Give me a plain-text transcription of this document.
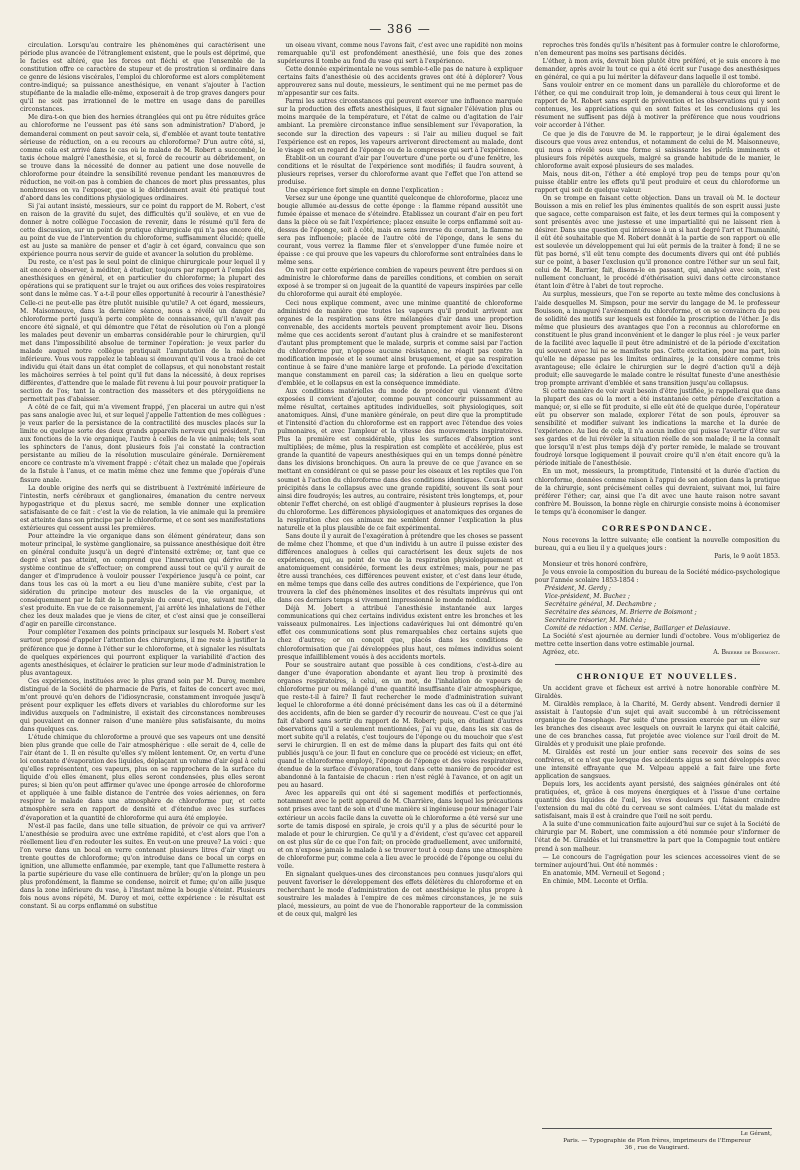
— 386 —

circulation. Lorsqu'au contraire les phénomènes qui caractérisent une période plus avancée de l'étranglement existent, que le pouls est déprimé, que le facies est altéré, que les forces ont fléchi et que l'ensemble de la constitution offre ce caractère de stupeur et de prostration si ordinaire dans ce genre de lésions viscérales, l'emploi du chloroforme est alors complétement contre-indiqué; sa puissance anesthésique, en venant s'ajouter à l'action stupéfiante de la maladie elle-même, exposerait à de trop graves dangers pour qu'il ne soit pas irrationnel de le mettre en usage dans de pareilles circonstances.

Me dira-t-on que bien des hernies étranglées qui ont pu être réduites grâce au chloroforme ne l'eussent pas été sans son administration? D'abord, je demanderai comment on peut savoir cela, si, d'emblée et avant toute tentative sérieuse de réduction, on a eu recours au chloroforme? D'un autre côté, si, comme cela est arrivé dans le cas où le malade de M. Robert a succombé, le taxis échoue malgré l'anesthésie, et si, forcé de recourir au débridement, on se trouve dans la nécessité de donner au patient une dose nouvelle de chloroforme pour éteindre la sensibilité revenue pendant les manœuvres de réduction, ne voit-on pas à combien de chances de mort plus pressantes, plus nombreuses on va l'exposer, que si le débridement avait été pratiqué tout d'abord dans les conditions physiologiques ordinaires.

Si j'ai autant insisté, messieurs, sur ce point du rapport de M. Robert, c'est en raison de la gravité du sujet, des difficultés qu'il soulève, et en vue de donner à notre collègue l'occasion de revenir, dans le résumé qu'il fera de cette discussion, sur un point de pratique chirurgicale qui n'a pas encore été, au point de vue de l'intervention du chloroforme, suffisamment élucidé; quelle est au juste sa manière de penser et d'agir à cet égard, convaincu que son expérience pourra nous servir de guide et avancer la solution du problème.

Du reste, ce n'est pas le seul point de clinique chirurgicale pour lequel il y ait encore à observer, à méditer, à étudier, toujours par rapport à l'emploi des anesthésiques en général, et en particulier du chloroforme; la plupart des opérations qui se pratiquent sur le trajet ou aux orifices des voies respiratoires sont dans le même cas. Y a-t-il pour elles opportunité à recourir à l'anesthésie? Celle-ci ne peut-elle pas être plutôt nuisible qu'utile? A cet égard, messieurs, M. Maisonneuve, dans la dernière séance, nous a révélé un danger du chloroforme porté jusqu'à perte complète de connaissance, qu'il n'avait pas encore été signalé, et qui démontre que l'état de résolution où l'on a plongé les malades peut devenir un embarras considérable pour le chirurgien, qu'il met dans l'impossibilité absolue de terminer l'opération: je veux parler du malade auquel notre collègue pratiquait l'amputation de la mâchoire inférieure. Vous vous rappelez le tableau si émouvant qu'il vous a tracé de cet individu qui était dans un état complet de collapsus, et qui nonobstant restait les mâchoires serrées à tel point qu'il fut dans la nécessité, à deux reprises différentes, d'attendre que le malade fût revenu à lui pour pouvoir pratiquer la section de l'os; tant la contraction des masséters et des ptérygoïdiens ne permettait pas d'abaisser.

A côté de ce fait, qui m'a vivement frappé, j'en placerai un autre qui n'est pas sans analogie avec lui, et sur lequel j'appelle l'attention de mes collègues : je veux parler de la persistance de la contractilité des muscles placés sur la limite ou quelque sorte des deux grands appareils nerveux qui président, l'un aux fonctions de la vie organique, l'autre à celles de la vie animale; tels sont les sphincters de l'anus, dont plusieurs fois j'ai constaté la contraction persistante au milieu de la résolution musculaire générale. Dernièrement encore ce contraste m'a vivement frappé : c'était chez un malade que j'opérais de la fistule à l'anus, et ce matin même chez une femme que j'opérais d'une fissure anale.

La double origine des nerfs qui se distribuent à l'extrémité inférieure de l'intestin, nerfs cérébraux et ganglionaires, émanation du centre nerveux hypogastrique et du plexus sacré, me semble donner une explication satisfaisante de ce fait : c'est la vie de relation, la vie animale qui la première est atteinte dans son principe par le chloroforme, et ce sont ses manifestations extérieures qui cessent aussi les premières.

Pour atteindre la vie organique dans son élément générateur, dans son moteur principal, le système ganglionaire, sa puissance anesthésique doit être en général conduite jusqu'à un degré d'intensité extrême; or, tant que ce degré n'est pas atteint, on comprend que l'innervation qui dérive de ce système continue de s'effectuer; on comprend aussi tout ce qu'il y aurait de danger et d'imprudence à vouloir pousser l'expérience jusqu'à ce point, car dans tous les cas où la mort a eu lieu d'une manière subite, c'est par la sidération du principe moteur des muscles de la vie organique, et conséquemment par le fait de la paralysie du cœur-ci, que, suivant moi, elle s'est produite. En vue de ce raisonnement, j'ai arrêté les inhalations de l'éther chez les deux malades que je viens de citer, et c'est ainsi que je conseillerai d'agir en pareille circonstance.

Pour compléter l'examen des points principaux sur lesquels M. Robert s'est surtout proposé d'appeler l'attention des chirurgiens, il me reste à justifier la préférence que je donne à l'éther sur le chloroforme, et à signaler les résultats de quelques expériences qui pourront expliquer la variabilité d'action des agents anesthésiques, et éclairer le praticien sur leur mode d'administration le plus avantageux.

Ces expériences, instituées avec le plus grand soin par M. Duroy, membre distingué de la Société de pharmacie de Paris, et faites de concert avec moi, m'ont prouvé qu'en dehors de l'idiosyncrasie, constamment invoquée jusqu'à présent pour expliquer les effets divers et variables du chloroforme sur les individus auxquels on l'administre, il existait des circonstances nombreuses qui pouvaient en donner raison d'une manière plus satisfaisante, du moins dans quelques cas.

L'étude chimique du chloroforme a prouvé que ses vapeurs ont une densité bien plus grande que celle de l'air atmosphérique : elle serait de 4, celle de l'air étant de 1. Il en résulte qu'elles s'y mêlent lentement. Or, en vertu d'une loi constante d'évaporation des liquides, déplaçant un volume d'air égal à celui qu'elles représentent, ces vapeurs, plus on se rapprochera de la surface du liquide d'où elles émanent, plus elles seront condensées, plus elles seront pures; si bien qu'on peut affirmer qu'avec une éponge arrosée de chloroforme et appliquée à une faible distance de l'entrée des voies aériennes, on fera respirer le malade dans une atmosphère de chloroforme pur, et cette atmosphère sera en rapport de densité et d'étendue avec les surfaces d'évaporation et la quantité de chloroforme qui aura été employée.

N'est-il pas facile, dans une telle situation, de prévoir ce qui va arriver? L'anesthésie se produira avec une extrême rapidité, et c'est alors que l'on a réellement lieu d'en redouter les suites. En veut-on une preuve? La voici : que l'on verse dans un bocal en verre contenant plusieurs litres d'air vingt ou trente gouttes de chloroforme; qu'on introduise dans ce bocal un corps en ignition, une allumette enflammée, par exemple, tant que l'allumette restera à la partie supérieure du vase elle continuera de brûler; qu'on la plonge un peu plus profondément, la flamme se condense, noircit et fume; qu'on aille jusque dans la zone inférieure du vase, à l'instant même la bougie s'éteint. Plusieurs fois nous avons répété, M. Duroy et moi, cette expérience : le résultat est constant. Si au corps enflammé on substitue

un oiseau vivant, comme nous l'avons fait, c'est avec une rapidité non moins remarquable qu'il est profondément anesthésié, une fois que des zones supérieures il tombe au fond du vase qui sert à l'expérience.

Cette donnée expérimentale ne vous semble-t-elle pas de nature à expliquer certains faits d'anesthésie où des accidents graves ont été à déplorer? Vous approuverez sans nul doute, messieurs, le sentiment qui ne me permet pas de m'appesantir sur ces faits.

Parmi les autres circonstances qui peuvent exercer une influence marquée sur la production des effets anesthésiques, il faut signaler l'élévation plus ou moins marquée de la température, et l'état de calme ou d'agitation de l'air ambiant. La première circonstance influe sensiblement sur l'évaporation, la seconde sur la direction des vapeurs : si l'air au milieu duquel se fait l'expérience est en repos, les vapeurs arriveront directement au malade, dont le visage est en regard de l'éponge ou de la compresse qui sert à l'expérience.

Établit-on un courant d'air par l'ouverture d'une porte ou d'une fenêtre, les conditions et le résultat de l'expérience sont modifiés; il faudra souvent, à plusieurs reprises, verser du chloroforme avant que l'effet que l'on attend se produise.

Une expérience fort simple en donne l'explication :

Versez sur une éponge une quantité quelconque de chloroforme, placez une bougie allumée au-dessus de cette éponge : la flamme répand aussitôt une fumée épaisse et menace de s'éteindre. Établissez un courant d'air en peu fort dans la pièce où se fait l'expérience; placez ensuite le corps enflammé soit au-dessus de l'éponge, soit à côté, mais en sens inverse du courant, la flamme ne sera pas influencée; placée de l'autre côté de l'éponge, dans le sens du courant, vous verrez la flamme filer et s'envelopper d'une fumée noire et épaisse : ce qui prouve que les vapeurs du chloroforme sont entraînées dans le même sens.

On voit par cette expérience combien de vapeurs peuvent être perdues si on administre le chloroforme dans de pareilles conditions, et combien on serait exposé à se tromper si on jugeait de la quantité de vapeurs inspirées par celle du chloroforme qui aurait été employée.

Ceci nous explique comment, avec une minime quantité de chloroforme administré de manière que toutes les vapeurs qu'il produit arrivent aux organes de la respiration sans être mélangées d'air dans une proportion convenable, des accidents mortels peuvent promptement avoir lieu. Disons même que ces accidents seront d'autant plus à craindre et se manifesteront d'autant plus promptement que le malade, surpris et comme saisi par l'action du chloroforme pur, n'oppose aucune résistance, ne réagit pas contre la modification imposée et le soumet ainsi brusquement, et que sa respiration continue à se faire d'une manière large et profonde. La période d'excitation manque constamment en pareil cas; la sidération a lieu en quelque sorte d'emblée, et le collapsus en est la conséquence immédiate.

Aux conditions matérielles du mode de procéder qui viennent d'être exposées il convient d'ajouter, comme pouvant concourir puissamment au même résultat, certaines aptitudes individuelles, soit physiologiques, soit anatomiques. Ainsi, d'une manière générale, on peut dire que la promptitude et l'intensité d'action du chloroforme est en rapport avec l'étendue des voies pulmonaires, et avec l'ampleur et la vitesse des mouvements inspiratoires. Plus la première est considérable, plus les surfaces d'absorption sont multipliées; de même, plus la respiration est complète et accélérée, plus est grande la quantité de vapeurs anesthésiques qui en un temps donné pénètre dans les divisions bronchiques. On aura la preuve de ce que j'avance en se mettant en considérant ce qui se passe pour les oiseaux et les reptiles que l'on soumet à l'action du chloroforme dans des conditions identiques. Ceux-là sont précipités dans le collapsus avec une grande rapidité, souvent ils sont pour ainsi dire foudroyés; les autres, au contraire, résistent très longtemps, et, pour obtenir l'effet cherché, on est obligé d'augmenter à plusieurs reprises la dose du chloroforme. Les différences physiologiques et anatomiques des organes de la respiration chez ces animaux me semblent donner l'explication la plus naturelle et la plus plausible de ce fait expérimental.

Sans doute il y aurait de l'exagération à prétendre que les choses se passent de même chez l'homme, et que d'un individu à un autre il puisse exister des différences analogues à celles qui caractérisent les deux sujets de nos expériences, qui, au point de vue de la respiration physiologiquement et anatomiquement considérée, forment les deux extrêmes; mais, pour ne pas être aussi tranchées, ces différences peuvent exister, et c'est dans leur étude, en même temps que dans celle des autres conditions de l'expérience, que l'on trouvera la clef des phénomènes insolites et des résultats imprévus qui ont dans ces derniers temps si vivement impressionné le monde médical.

Déjà M. Jobert a attribué l'anesthésie instantanée aux larges communications qui chez certains individus existent entre les bronches et les vaisseaux pulmonaires. Les injections cadavériques lui ont démontré qu'en effet ces communications sont plus remarquables chez certains sujets que chez d'autres; or on conçoit que, placés dans les conditions de chloroformisation que j'ai développées plus haut, ces mêmes individus soient presque infailliblement voués à des accidents mortels.

Pour se soustraire autant que possible à ces conditions, c'est-à-dire au danger d'une évaporation abondante et ayant lieu trop à proximité des organes respiratoires, à celui, en un mot, de l'inhalation de vapeurs de chloroforme pur ou mélangé d'une quantité insuffisante d'air atmosphérique, que reste-t-il à faire? Il faut rechercher le mode d'administration suivant lequel le chloroforme a été donné précisément dans les cas où il a déterminé des accidents, afin de bien se garder d'y recourir de nouveau. C'est ce que j'ai fait d'abord sans sortir du rapport de M. Robert; puis, en étudiant d'autres observations qu'il a seulement mentionnées, j'ai vu que, dans les six cas de mort subite qu'il a relatés, c'est toujours de l'éponge ou du mouchoir que s'est servi le chirurgien. Il en est de même dans la plupart des faits qui ont été publiés jusqu'à ce jour. Il faut en conclure que ce procédé est vicieux; en effet, quand le chloroforme employé, l'éponge de l'éponge et des voies respiratoires, étendue de la surface d'évaporation, tout dans cette manière de procéder est abandonné à la fantaisie de chacun : rien n'est réglé à l'avance, et on agit un peu au hasard.

Avec les appareils qui ont été si sagement modifiés et perfectionnés, notamment avec le petit appareil de M. Charrière, dans lequel les précautions sont prises avec tant de soin et d'une manière si ingénieuse pour ménager l'air extérieur un accès facile dans la cuvette où le chloroforme a été versé sur une sorte de tamis disposé en spirale, je crois qu'il y a plus de sécurité pour le malade et pour le chirurgien. Ce qu'il y a d'évident, c'est qu'avec cet appareil on est plus sûr de ce que l'on fait; on procède graduellement, avec uniformité, et on n'expose jamais le malade à se trouver tout à coup dans une atmosphère de chloroforme pur, comme cela a lieu avec le procédé de l'éponge ou celui du voile.

En signalant quelques-unes des circonstances peu connues jusqu'alors qui peuvent favoriser le développement des effets délétères du chloroforme et en recherchant le mode d'administration de cet anesthésique le plus propre à soustraire les malades à l'empire de ces mêmes circonstances, je ne suis placé, messieurs, au point de vue de l'honorable rapporteur de la commission et de ceux qui, malgré les

reproches très fondés qu'ils n'hésitent pas à formuler contre le chloroforme, n'en demeurent pas moins ses partisans décidés.

L'éther, à mon avis, devrait bien plutôt être préféré, et je suis encore à me demander, après avoir lu tout ce qui a été écrit sur l'usage des anesthésiques en général, ce qui a pu lui mériter la défaveur dans laquelle il est tombé.

Sans vouloir entrer en ce moment dans un parallèle du chloroforme et de l'éther, ce qui me conduirait trop loin, je demanderai à tous ceux qui lirent le rapport de M. Robert sans esprit de prévention et les observations qui y sont contenues, les appréciations qui en sont faites et les conclusions qui les résument ne suffisent pas déjà à motiver la préférence que nous voudrions voir accorder à l'éther.

Ce que je dis de l'œuvre de M. le rapporteur, je le dirai également des discours que vous avez entendus, et notamment de celui de M. Maisonneuve, qui nous a révélé sous une forme si saisissante les périls imminents et plusieurs fois répétés auxquels, malgré sa grande habitude de le manier, le chloroforme avait exposé plusieurs de ses malades.

Mais, nous dit-on, l'éther a été employé trop peu de temps pour qu'on puisse établir entre les effets qu'il peut produire et ceux du chloroforme un rapport qui soit de quelque valeur.

On se trompe en faisant cette objection. Dans un travail où M. le docteur Bouisson a mis en relief les plus éminentes qualités de son esprit aussi juste que sagace, cette comparaison est faite, et les deux termes qui la composent y sont présentés avec une justesse et une impartialité qui ne laissent rien à désirer. Dans une question qui intéresse à un si haut degré l'art et l'humanité, il eût été souhaitable que M. Robert donnât à la partie de son rapport où elle est soulevée un développement qui lui eût permis de la traiter à fond; il ne se fût pas borné, s'il eût tenu compte des documents divers qui ont été publiés sur ce point, à baser l'exclusion qu'il prononce contre l'éther sur un seul fait, celui de M. Barrier, fait, disons-le en passant, qui, analysé avec soin, n'est nullement concluant, le procédé d'éthérisation suivi dans cette circonstance étant loin d'être à l'abri de tout reproche.

Au surplus, messieurs, que l'on se reporte au texte même des conclusions à l'aide desquelles M. Simpson, pour me servir du langage de M. le professeur Bouisson, a inauguré l'avénement du chloroforme, et on se convaincra du peu de solidité des motifs sur lesquels est fondée la proscription de l'éther. Je dis même que plusieurs des avantages que l'on a reconnus au chloroforme en constituent le plus grand inconvénient et le danger le plus réel : je veux parler de la facilité avec laquelle il peut être administré et de la période d'excitation qui souvent avec lui ne se manifeste pas. Cette excitation, pour ma part, loin qu'elle ne dépasse pas les limites ordinaires, je la considère comme très avantageuse; elle éclaire le chirurgien sur le degré d'action qu'il a déjà produit; elle sauvegarde le malade contre le résultat funeste d'une anesthésie trop prompte arrivant d'emblée et sans transition jusqu'au collapsus.

Si cette manière de voir avait besoin d'être justifiée, je rappellerai que dans la plupart des cas où la mort a été instantanée cette période d'excitation a manqué; or, si elle se fût produite, si elle eût été de quelque durée, l'opérateur eût pu observer son malade, explorer l'état de son pouls, éprouver sa sensibilité et modifier suivant les indications la marche et la durée de l'expérience. Au lieu de cela, il n'a aucun indice qui puisse l'avertir d'être sur ses gardes et de lui révéler la situation réelle de son malade; il ne la connaît que lorsqu'il n'est plus temps déjà d'y porter remède, le malade se trouvant foudroyé lorsque logiquement il pouvait croire qu'il n'en était encore qu'à la période initiale de l'anesthésie.

En un mot, messieurs, la promptitude, l'intensité et la durée d'action du chloroforme, données comme raison à l'appui de son adoption dans la pratique de la chirurgie, sont précisément celles qui devraient, suivant moi, lui faire préférer l'éther; car, ainsi que l'a dit avec une haute raison notre savant confrère M. Bouisson, la bonne règle en chirurgie consiste moins à économiser le temps qu'à économiser le danger.

CORRESPONDANCE.

Nous recevons la lettre suivante; elle contient la nouvelle composition du bureau, qui a eu lieu il y a quelques jours :

Paris, le 9 août 1853.

Monsieur et très honoré confrère,

Je vous envoie la composition du bureau de la Société médico-psychologique pour l'année scolaire 1853-1854 :

Président, M. Gerdy ;
Vice-président, M. Buchez ;
Secrétaire général, M. Dechambre ;
Secrétaire des séances, M. Brierre de Boismont ;
Secrétaire trésorier, M. Michéa ;
Comité de rédaction : MM. Cerise, Baillarger et Delasiauve.

La Société s'est ajournée au dernier lundi d'octobre. Vous m'obligeriez de mettre cette insertion dans votre estimable journal.

Agréez, etc.	A. Brierre de Boismont.

CHRONIQUE ET NOUVELLES.

Un accident grave et fâcheux est arrivé à notre honorable confrère M. Giraldès.

M. Giraldès remplace, à la Charité, M. Gerdy absent. Vendredi dernier il assistait à l'autopsie d'un sujet qui avait succombé à un rétrécissement organique de l'œsophage. Par suite d'une pression exercée par un élève sur les branches des ciseaux avec lesquels on ouvrait le larynx qui était calcifié, une de ces branches cassa, fut projetée avec violence sur l'œil droit de M. Giraldès et y produisit une plaie profonde.

M. Giraldès est resté un jour entier sans recevoir des soins de ses confrères, et ce n'est que lorsque des accidents aigus se sont développés avec une intensité effrayante que M. Velpeau appelé a fait faire une forte application de sangsues.

Depuis lors, les accidents ayant persisté, des saignées générales ont été pratiquées, et, grâce à ces moyens énergiques et à l'issue d'une certaine quantité des liquides de l'œil, les vives douleurs qui faisaient craindre l'extension du mal du côté du cerveau se sont calmées. L'état du malade est satisfaisant, mais il est à craindre que l'œil ne soit perdu.

A la suite d'une communication faite aujourd'hui sur ce sujet à la Société de chirurgie par M. Robert, une commission a été nommée pour s'informer de l'état de M. Giraldès et lui transmettre la part que la Compagnie tout entière prend à son malheur.

— Le concours de l'agrégation pour les sciences accessoires vient de se terminer aujourd'hui. Ont été nommés :

En anatomie, MM. Verneuil et Segond ;

En chimie, MM. Leconte et Orfila.

Le Gérant,
Paris. — Typographie de Plon frères, imprimeurs de l'Empereur
36 , rue de Vaugirard.
